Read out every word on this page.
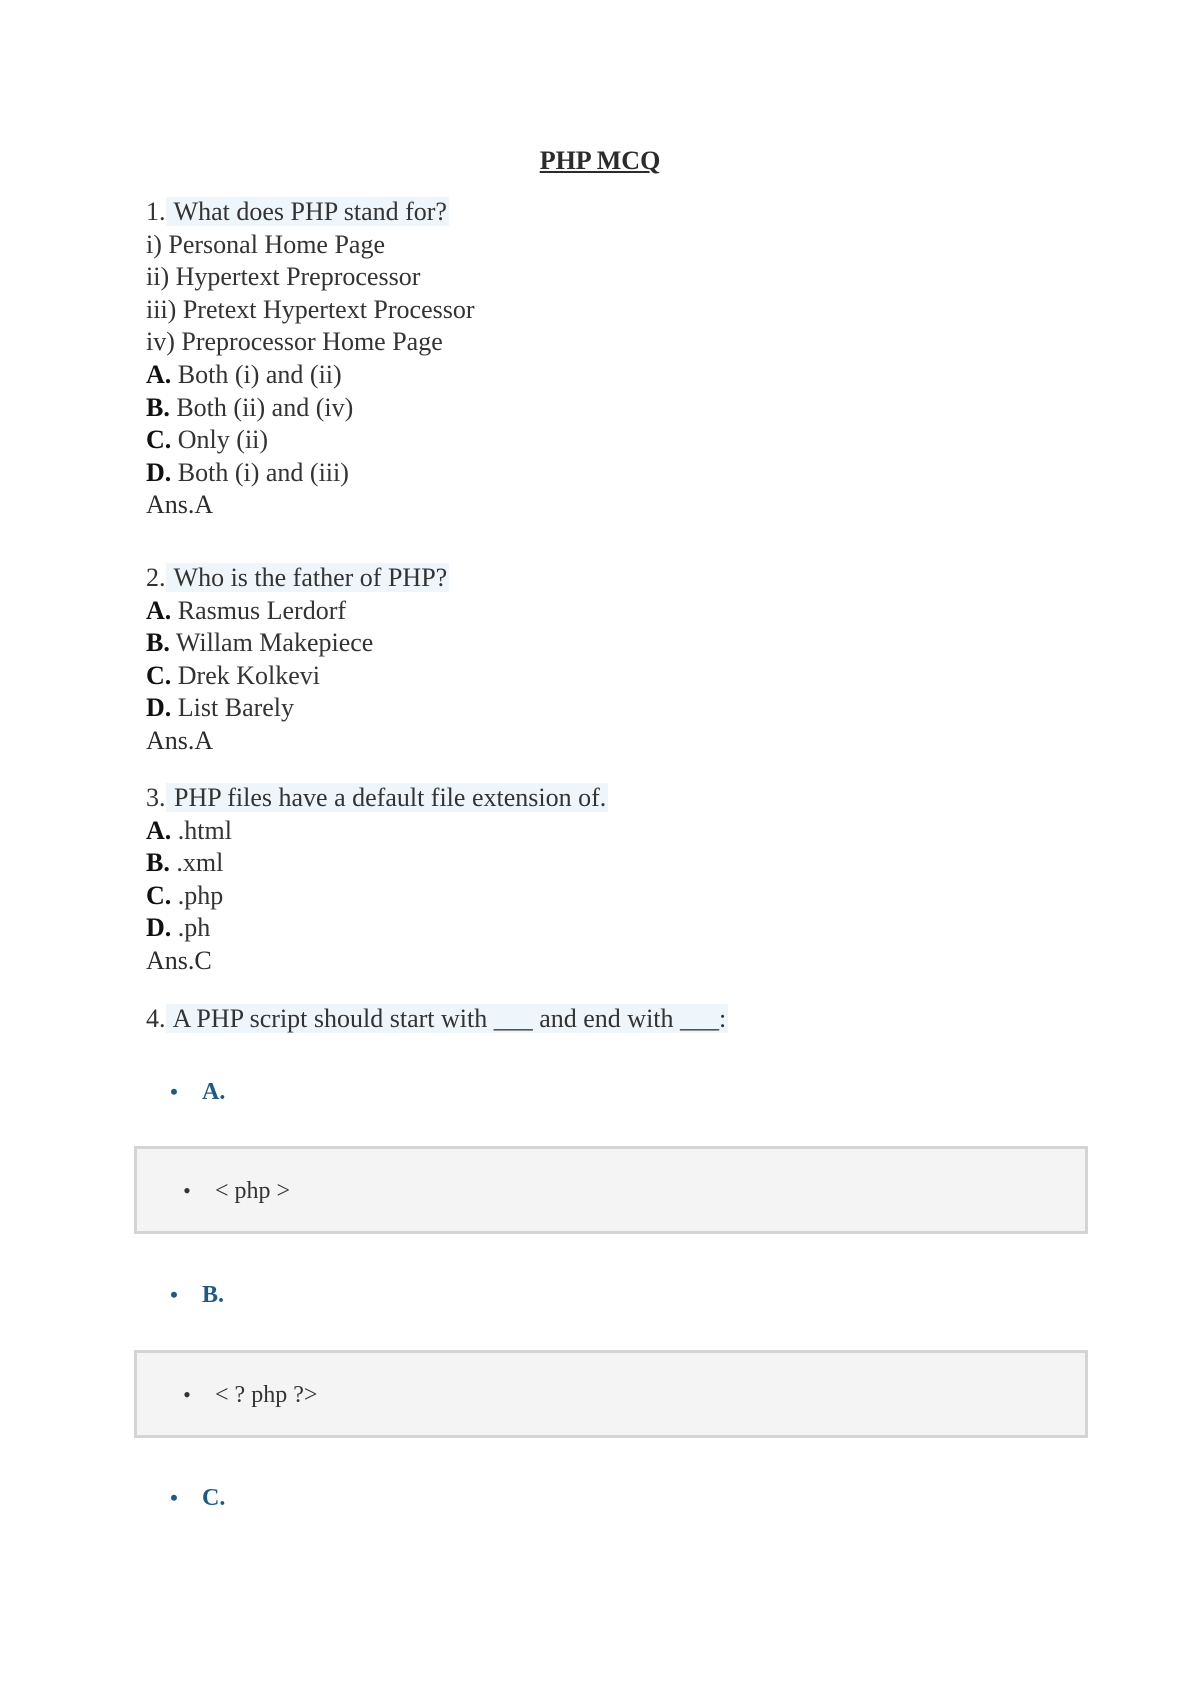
PHP MCQ
1. What does PHP stand for?
i) Personal Home Page
ii) Hypertext Preprocessor
iii) Pretext Hypertext Processor
iv) Preprocessor Home Page
A. Both (i) and (ii)
B. Both (ii) and (iv)
C. Only (ii)
D. Both (i) and (iii)
Ans.A
2. Who is the father of PHP?
A. Rasmus Lerdorf
B. Willam Makepiece
C. Drek Kolkevi
D. List Barely
Ans.A
3. PHP files have a default file extension of.
A. .html
B. .xml
C. .php
D. .ph
Ans.C
4. A PHP script should start with ___ and end with ___:
• A.
• < php >
• B.
• < ? php ?>
• C.
